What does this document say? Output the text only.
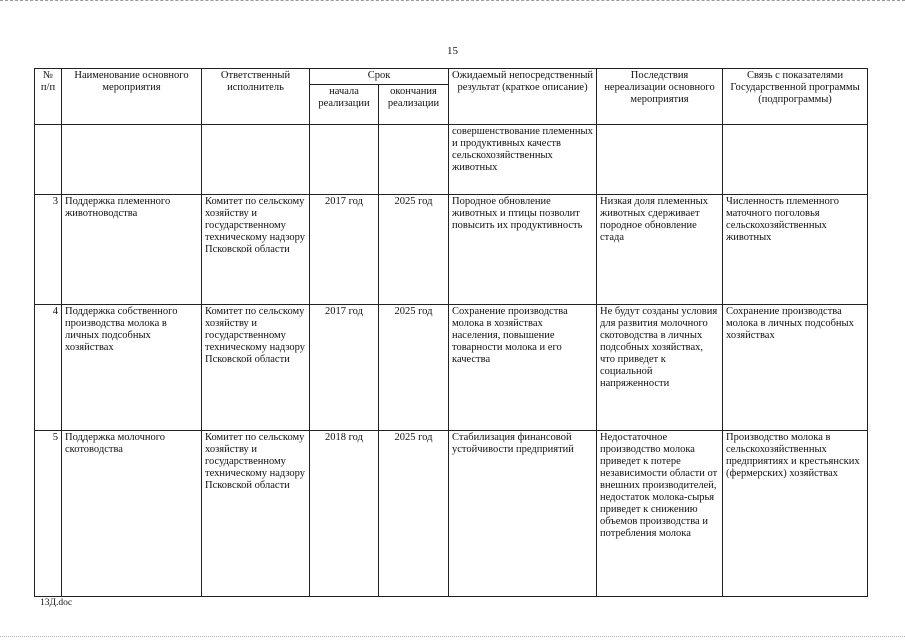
15
№ п/п	Наименование основного мероприятия	Ответственный исполнитель	Срок		Ожидаемый непосредственный результат (краткое описание)	Последствия нереализации основного мероприятия	Связь с показателями Государственной программы (подпрограммы)
			начала реализации	окончания реализации			
					совершенствование племенных и продуктивных качеств сельскохозяйственных животных		
3	Поддержка племенного животноводства	Комитет по сельскому хозяйству и государственному техническому надзору Псковской области	2017 год	2025 год	Породное обновление животных и птицы позволит повысить их продуктивность	Низкая доля племенных животных сдерживает породное обновление стада	Численность племенного маточного поголовья сельскохозяйственных животных
4	Поддержка собственного производства молока в личных подсобных хозяйствах	Комитет по сельскому хозяйству и государственному техническому надзору Псковской области	2017 год	2025 год	Сохранение производства молока в хозяйствах населения, повышение товарности молока и его качества	Не будут созданы условия для развития молочного скотоводства в личных подсобных хозяйствах, что приведет к социальной напряженности	Сохранение производства молока в личных подсобных хозяйствах
5	Поддержка молочного скотоводства	Комитет по сельскому хозяйству и государственному техническому надзору Псковской области	2018 год	2025 год	Стабилизация финансовой устойчивости предприятий	Недостаточное производство молока приведет к потере независимости области от внешних производителей, недостаток молока-сырья приведет к снижению объемов производства и потребления молока	Производство молока в сельскохозяйственных предприятиях и крестьянских (фермерских) хозяйствах
13Д.doc
